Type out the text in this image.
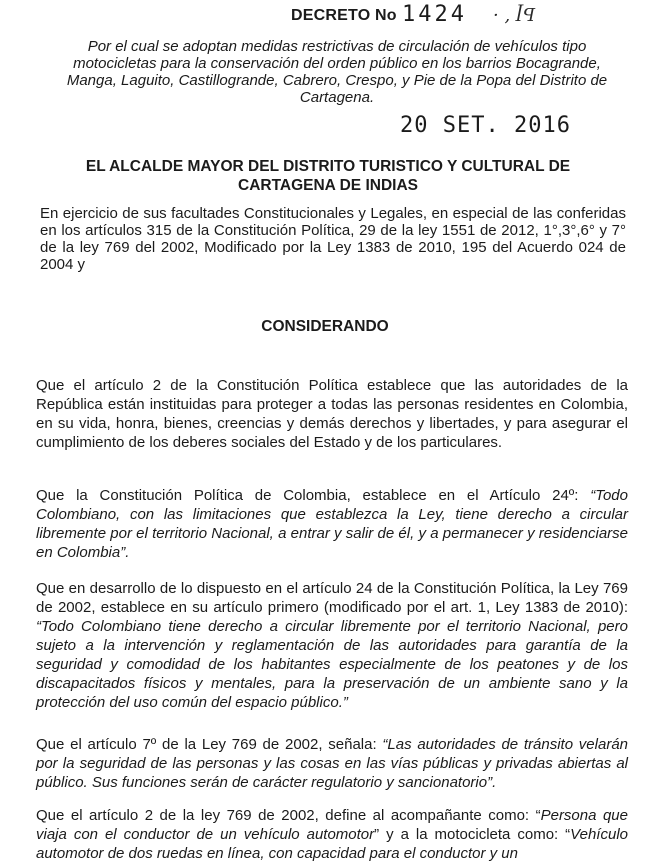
DECRETO No 1424 · , ꟾꟼ
Por el cual se adoptan medidas restrictivas de circulación de vehículos tipo motocicletas para la conservación del orden público en los barrios Bocagrande, Manga, Laguito, Castillogrande, Cabrero, Crespo, y Pie de la Popa del Distrito de Cartagena.
20 SET. 2016
EL ALCALDE MAYOR DEL DISTRITO TURISTICO Y CULTURAL DE CARTAGENA DE INDIAS
En ejercicio de sus facultades Constitucionales y Legales, en especial de las conferidas en los artículos 315 de la Constitución Política, 29 de la ley 1551 de 2012, 1°,3°,6° y 7° de la ley 769 del 2002, Modificado por la Ley 1383 de 2010, 195 del Acuerdo 024 de 2004 y
CONSIDERANDO
Que el artículo 2 de la Constitución Política establece que las autoridades de la República están instituidas para proteger a todas las personas residentes en Colombia, en su vida, honra, bienes, creencias y demás derechos y libertades, y para asegurar el cumplimiento de los deberes sociales del Estado y de los particulares.
Que la Constitución Política de Colombia, establece en el Artículo 24º: “Todo Colombiano, con las limitaciones que establezca la Ley, tiene derecho a circular libremente por el territorio Nacional, a entrar y salir de él, y a permanecer y residenciarse en Colombia”.
Que en desarrollo de lo dispuesto en el artículo 24 de la Constitución Política, la Ley 769 de 2002, establece en su artículo primero (modificado por el art. 1, Ley 1383 de 2010): “Todo Colombiano tiene derecho a circular libremente por el territorio Nacional, pero sujeto a la intervención y reglamentación de las autoridades para garantía de la seguridad y comodidad de los habitantes especialmente de los peatones y de los discapacitados físicos y mentales, para la preservación de un ambiente sano y la protección del uso común del espacio público.”
Que el artículo 7º de la Ley 769 de 2002, señala: “Las autoridades de tránsito velarán por la seguridad de las personas y las cosas en las vías públicas y privadas abiertas al público. Sus funciones serán de carácter regulatorio y sancionatorio”.
Que el artículo 2 de la ley 769 de 2002, define al acompañante como: “Persona que viaja con el conductor de un vehículo automotor” y a la motocicleta como: “Vehículo automotor de dos ruedas en línea, con capacidad para el conductor y un
